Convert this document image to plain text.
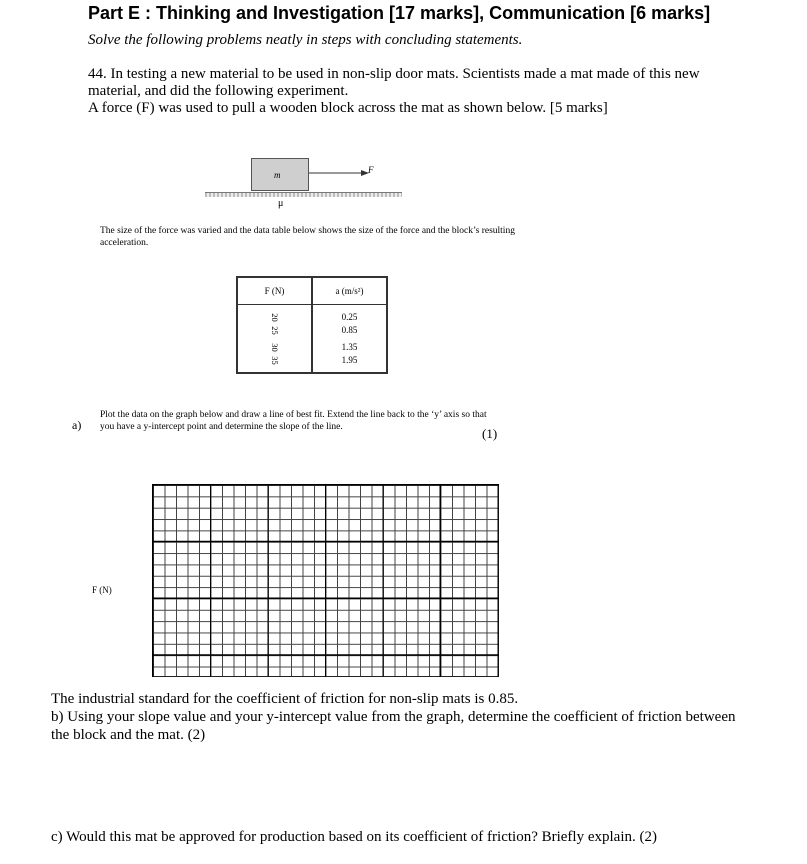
Part E : Thinking and Investigation [17 marks], Communication [6 marks]
Solve the following problems neatly in steps with concluding statements.

44. In testing a new material to be used in non-slip door mats. Scientists made a mat made of this new material, and did the following experiment.

A force (F) was used to pull a wooden block across the mat as shown below. [5 marks]

m	F
μ
The size of the force was varied and the data table below shows the size of the force and the block’s resulting acceleration.
F (N)	a (m/s²)
20	0.25
25	0.85
30	1.35
35	1.95
a)
Plot the data on the graph below and draw a line of best fit. Extend the line back to the ‘y’ axis so that you have a y-intercept point and determine the slope of the line.	(1)
F (N)
The industrial standard for the coefficient of friction for non-slip mats is 0.85.
b) Using your slope value and your y-intercept value from the graph, determine the coefficient of friction between the block and the mat. (2)
c) Would this mat be approved for production based on its coefficient of friction? Briefly explain. (2)
